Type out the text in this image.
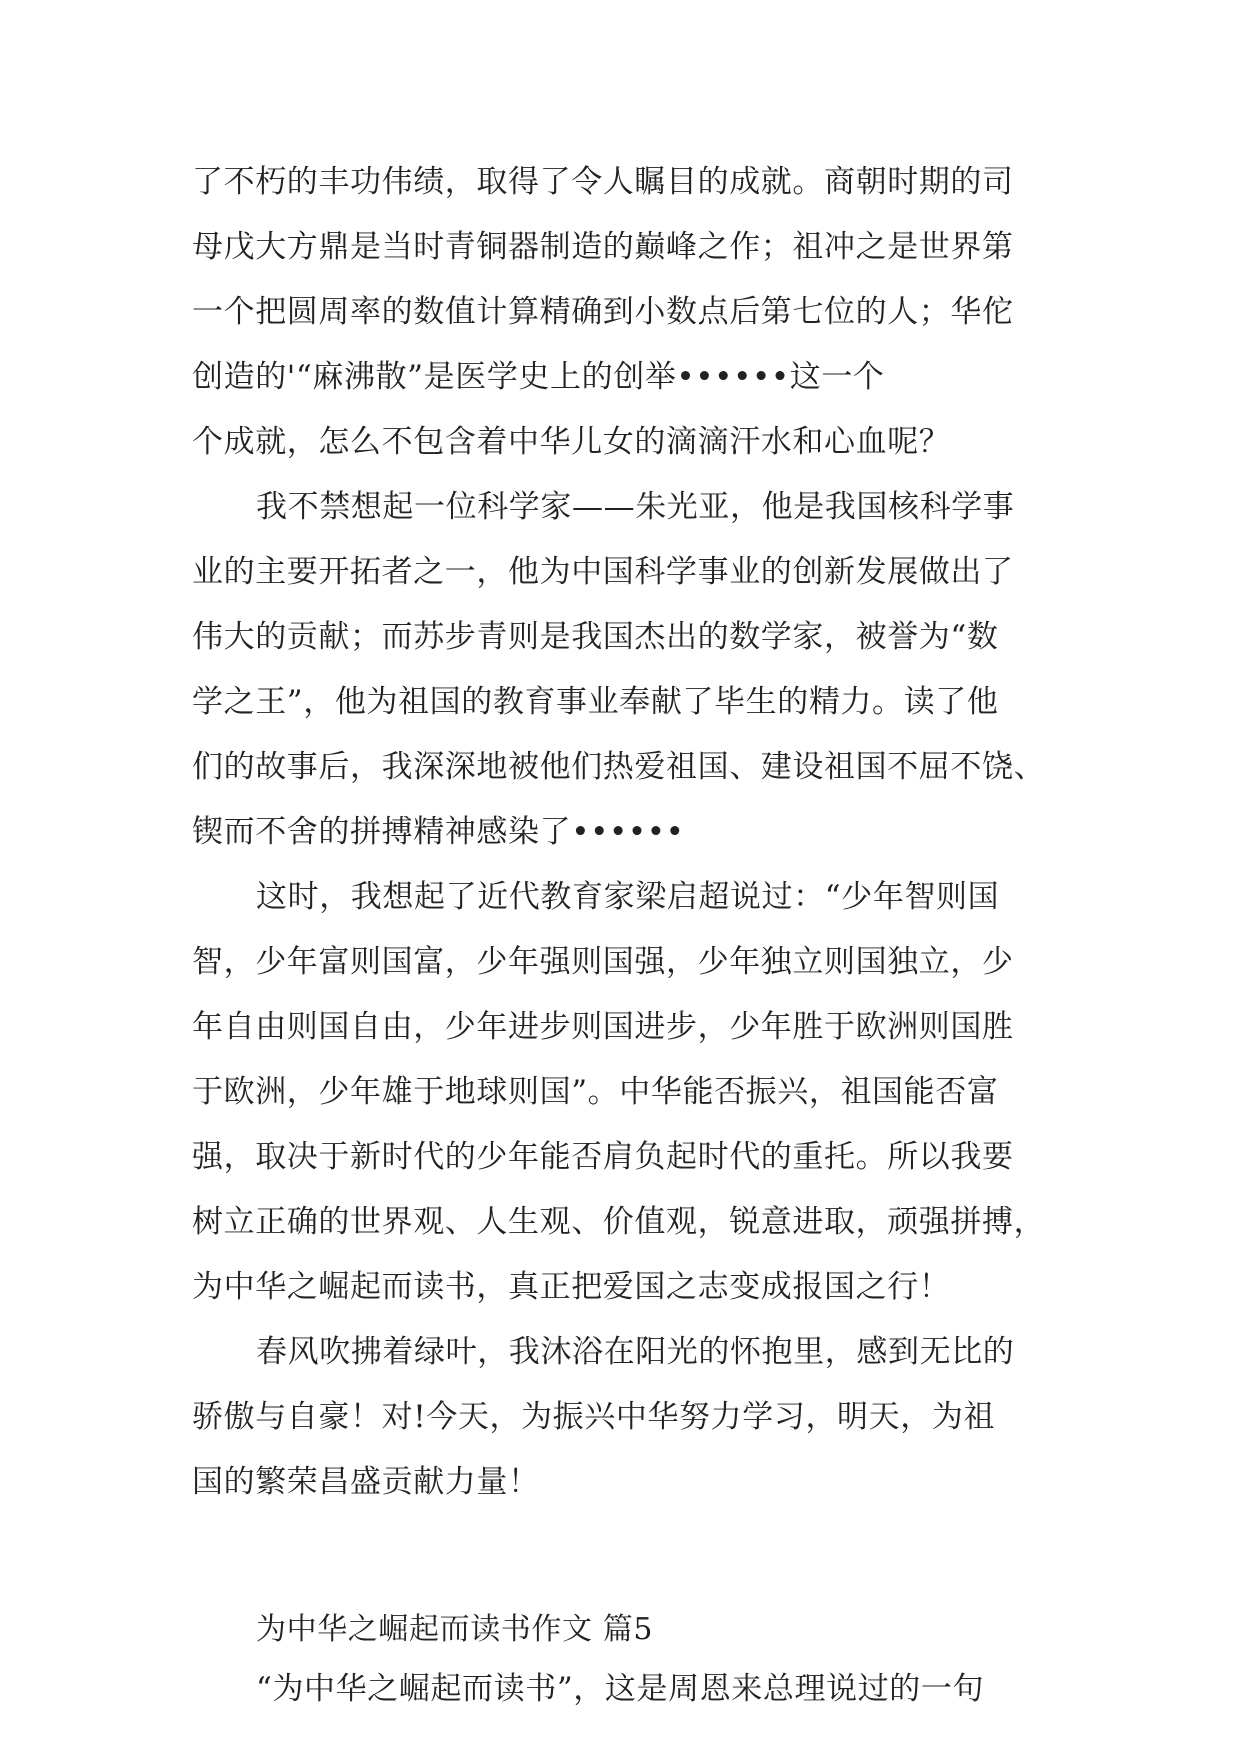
了不朽的丰功伟绩，取得了令人瞩目的成就。商朝时期的司
母戊大方鼎是当时青铜器制造的巅峰之作；祖冲之是世界第
一个把圆周率的数值计算精确到小数点后第七位的人；华佗
创造的'“麻沸散”是医学史上的创举••••••这一个
个成就，怎么不包含着中华儿女的滴滴汗水和心血呢？
我不禁想起一位科学家——朱光亚，他是我国核科学事
业的主要开拓者之一，他为中国科学事业的创新发展做出了
伟大的贡献；而苏步青则是我国杰出的数学家，被誉为“数
学之王”，他为祖国的教育事业奉献了毕生的精力。读了他
们的故事后，我深深地被他们热爱祖国、建设祖国不屈不饶、
锲而不舍的拼搏精神感染了••••••
这时，我想起了近代教育家梁启超说过：“少年智则国
智，少年富则国富，少年强则国强，少年独立则国独立，少
年自由则国自由，少年进步则国进步，少年胜于欧洲则国胜
于欧洲，少年雄于地球则国”。中华能否振兴，祖国能否富
强，取决于新时代的少年能否肩负起时代的重托。所以我要
树立正确的世界观、人生观、价值观，锐意进取，顽强拼搏，
为中华之崛起而读书，真正把爱国之志变成报国之行！
春风吹拂着绿叶，我沐浴在阳光的怀抱里，感到无比的
骄傲与自豪！对!今天，为振兴中华努力学习，明天，为祖
国的繁荣昌盛贡献力量！
为中华之崛起而读书作文 篇5
“为中华之崛起而读书”，这是周恩来总理说过的一句
